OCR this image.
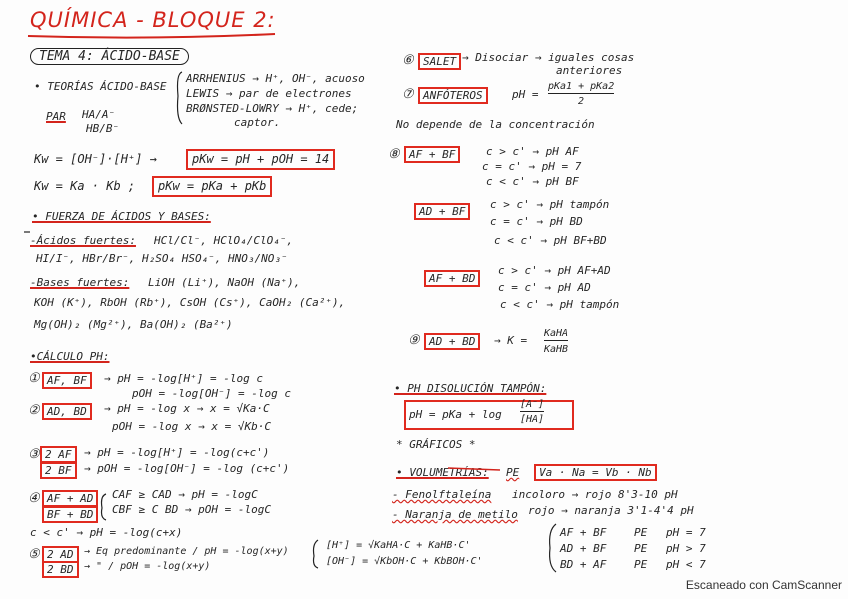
QUÍMICA - BLOQUE 2:
TEMA 4: ÁCIDO-BASE
• TEORÍAS ÁCIDO-BASE
ARRHENIUS → H⁺, OH⁻, acuoso
LEWIS → par de electrones
BRØNSTED-LOWRY → H⁺, cede;
captor.
PAR HA/A⁻
HB/B⁻
Kw = [OH⁻]·[H⁺] →	pKw = pH + pOH = 14
Kw = Ka · Kb ;	pKw = pKa + pKb
• FUERZA DE ÁCIDOS Y BASES:
-Ácidos fuertes: HCl/Cl⁻, HClO₄/ClO₄⁻,
HI/I⁻, HBr/Br⁻, H₂SO₄ HSO₄⁻, HNO₃/NO₃⁻
-Bases fuertes: LiOH (Li⁺), NaOH (Na⁺),
KOH (K⁺), RbOH (Rb⁺), CsOH (Cs⁺), CaOH₂ (Ca²⁺),
Mg(OH)₂ (Mg²⁺), Ba(OH)₂ (Ba²⁺)
•CÁLCULO PH:
① AF, BF	→ pH = -log[H⁺] = -log c
pOH = -log[OH⁻] = -log c
② AD, BD	→ pH = -log x → x = √Ka·C
pOH = -log x → x = √Kb·C
③ 2 AF
2 BF
→ pH = -log[H⁺] = -log(c+c')
→ pOH = -log[OH⁻] = -log (c+c')
④ AF + AD
BF + BD
CAF ≥ CAD → pH = -logC
CBF ≥ C BD → pOH = -logC
c < c' → pH = -log(c+x)
⑤ 2 AD
2 BD
→ Eq predominante / pH = -log(x+y)
→ " / pOH = -log(x+y)
[H⁺] = √KaHA·C + KaHB·C'
[OH⁻] = √KbOH·C + KbBOH·C'
⑥ SALET → Disociar → iguales cosas
anteriores
⑦ ANFÓTEROS	pH =
pKa1 + pKa2
2
No depende de la concentración
⑧ AF + BF	c > c' → pH AF
c = c' → pH = 7
c < c' → pH BF
AD + BF
c > c' → pH tampón
c = c' → pH BD
c < c' → pH BF+BD
AF + BD
c > c' → pH AF+AD
c = c' → pH AD
c < c' → pH tampón
⑨ AD + BD	→ K =
KaHA
KaHB
• PH DISOLUCIÓN TAMPÓN:
pH = pKa + log
[A⁻]
[HA]
* GRÁFICOS *
• VOLUMETRÍAS: PE	Va · Na = Vb · Nb
- Fenolftaleína incoloro → rojo 8'3-10 pH
- Naranja de metilo rojo → naranja 3'1-4'4 pH
AF + BF	PE pH = 7
AD + BF	PE pH > 7
BD + AF	PE pH < 7
Escaneado con CamScanner
